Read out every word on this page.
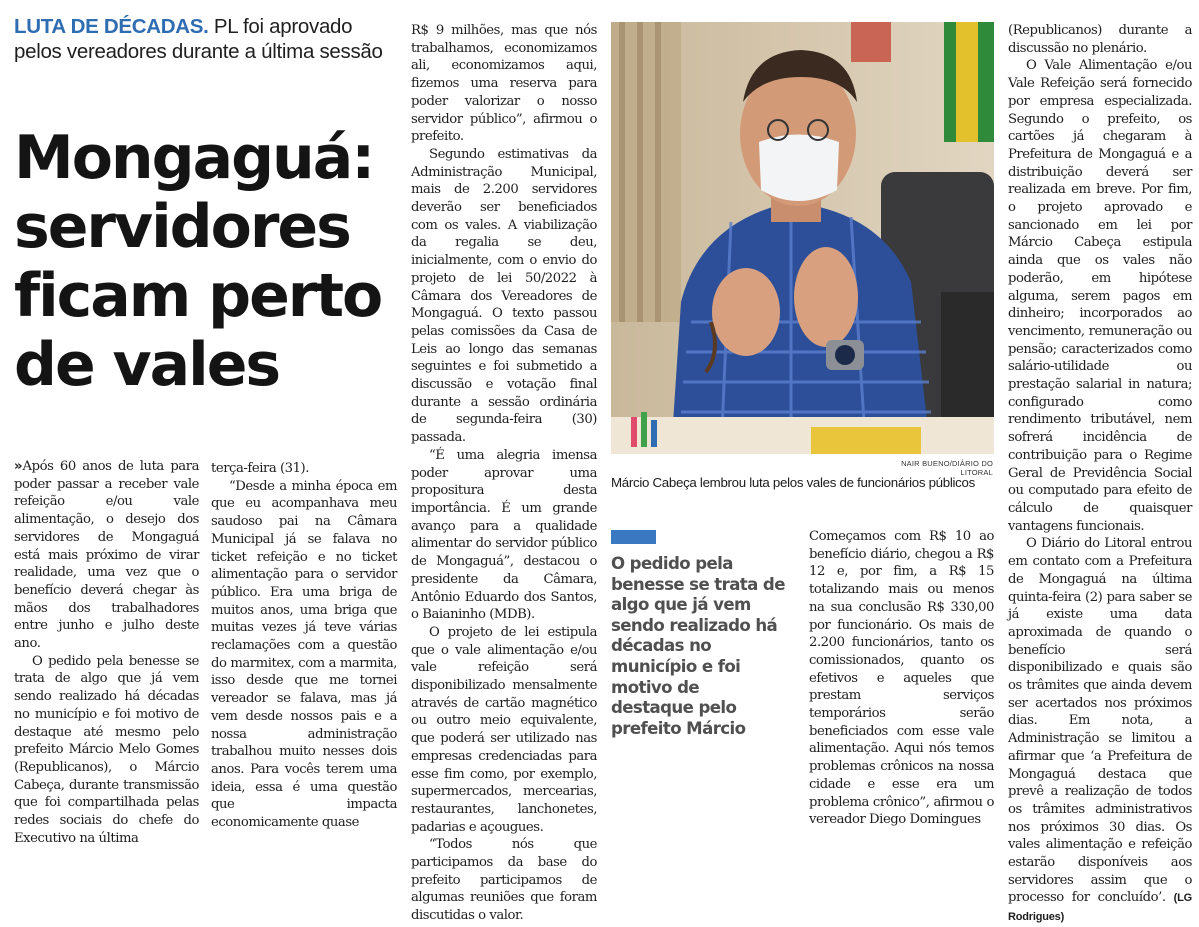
LUTA DE DÉCADAS. PL foi aprovado pelos vereadores durante a última sessão
Mongaguá:
servidores
ficam perto
de vales

» Após 60 anos de luta para poder passar a receber vale refeição e/ou vale alimentação, o desejo dos servidores de Mongaguá está mais próximo de virar realidade, uma vez que o benefício deverá chegar às mãos dos trabalhadores entre junho e julho deste ano.

O pedido pela benesse se trata de algo que já vem sendo realizado há décadas no município e foi motivo de destaque até mesmo pelo prefeito Márcio Melo Gomes (Republicanos), o Márcio Cabeça, durante transmissão que foi compartilhada pelas redes sociais do chefe do Executivo na última

terça-feira (31).

“Desde a minha época em que eu acompanhava meu saudoso pai na Câmara Municipal já se falava no ticket refeição e no ticket alimentação para o servidor público. Era uma briga de muitos anos, uma briga que muitas vezes já teve várias reclamações com a questão do marmitex, com a marmita, isso desde que me tornei vereador se falava, mas já vem desde nossos pais e a nossa administração trabalhou muito nesses dois anos. Para vocês terem uma ideia, essa é uma questão que impacta economicamente quase

R$ 9 milhões, mas que nós trabalhamos, economizamos ali, economizamos aqui, fizemos uma reserva para poder valorizar o nosso servidor público”, afirmou o prefeito.

Segundo estimativas da Administração Municipal, mais de 2.200 servidores deverão ser beneficiados com os vales. A viabilização da regalia se deu, inicialmente, com o envio do projeto de lei 50/2022 à Câmara dos Vereadores de Mongaguá. O texto passou pelas comissões da Casa de Leis ao longo das semanas seguintes e foi submetido a discussão e votação final durante a sessão ordinária de segunda-feira (30) passada.

“É uma alegria imensa poder aprovar uma propositura desta importância. É um grande avanço para a qualidade alimentar do servidor público de Mongaguá”, destacou o presidente da Câmara, Antônio Eduardo dos Santos, o Baianinho (MDB).

O projeto de lei estipula que o vale alimentação e/ou vale refeição será disponibilizado mensalmente através de cartão magnético ou outro meio equivalente, que poderá ser utilizado nas empresas credenciadas para esse fim como, por exemplo, supermercados, mercearias, restaurantes, lanchonetes, padarias e açougues.

“Todos nós que participamos da base do prefeito participamos de algumas reuniões que foram discutidas o valor.

NAIR BUENO/DIÁRIO DO LITORAL
Márcio Cabeça lembrou luta pelos vales de funcionários públicos
O pedido pela benesse se trata de algo que já vem sendo realizado há décadas no município e foi motivo de destaque pelo prefeito Márcio

Começamos com R$ 10 ao benefício diário, chegou a R$ 12 e, por fim, a R$ 15 totalizando mais ou menos na sua conclusão R$ 330,00 por funcionário. Os mais de 2.200 funcionários, tanto os comissionados, quanto os efetivos e aqueles que prestam serviços temporários serão beneficiados com esse vale alimentação. Aqui nós temos problemas crônicos na nossa cidade e esse era um problema crônico”, afirmou o vereador Diego Domingues

(Republicanos) durante a discussão no plenário.

O Vale Alimentação e/ou Vale Refeição será fornecido por empresa especializada. Segundo o prefeito, os cartões já chegaram à Prefeitura de Mongaguá e a distribuição deverá ser realizada em breve. Por fim, o projeto aprovado e sancionado em lei por Márcio Cabeça estipula ainda que os vales não poderão, em hipótese alguma, serem pagos em dinheiro; incorporados ao vencimento, remuneração ou pensão; caracterizados como salário-utilidade ou prestação salarial in natura; configurado como rendimento tributável, nem sofrerá incidência de contribuição para o Regime Geral de Previdência Social ou computado para efeito de cálculo de quaisquer vantagens funcionais.

O Diário do Litoral entrou em contato com a Prefeitura de Mongaguá na última quinta-feira (2) para saber se já existe uma data aproximada de quando o benefício será disponibilizado e quais são os trâmites que ainda devem ser acertados nos próximos dias. Em nota, a Administração se limitou a afirmar que ‘a Prefeitura de Mongaguá destaca que prevê a realização de todos os trâmites administrativos nos próximos 30 dias. Os vales alimentação e refeição estarão disponíveis aos servidores assim que o processo for concluído’. (LG Rodrigues)
